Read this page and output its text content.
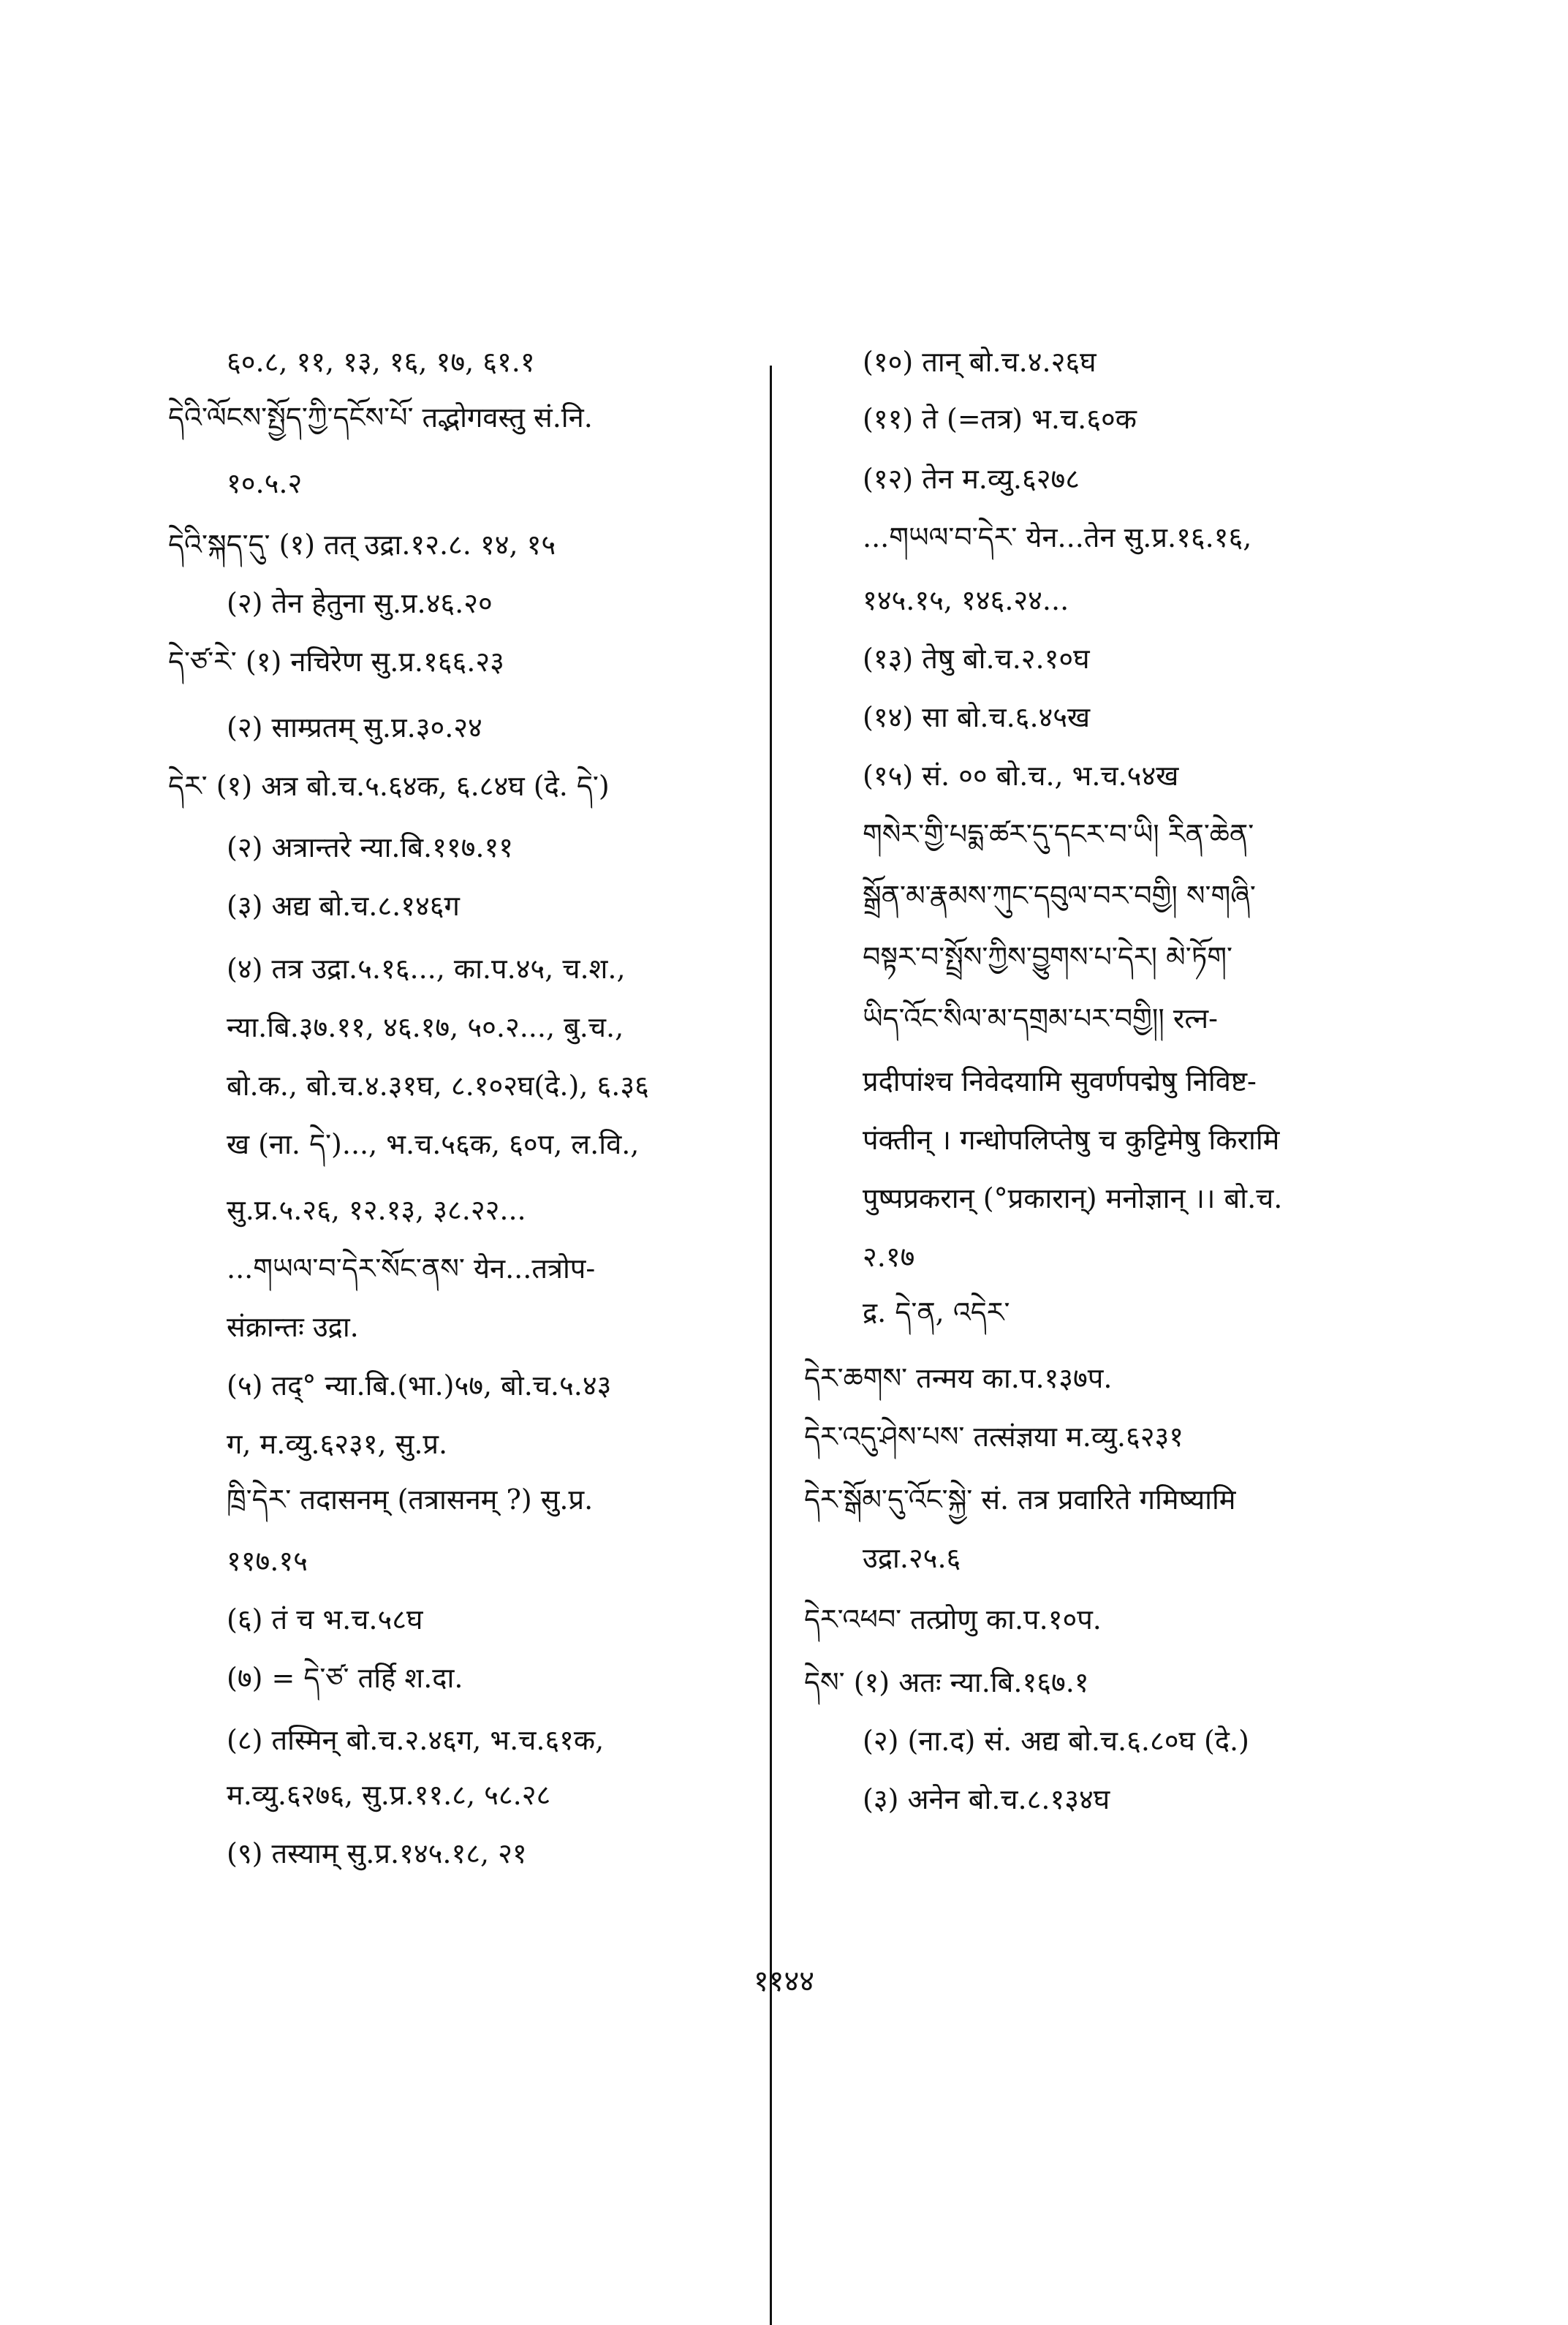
६०.८, ११, १३, १६, १७, ६१.१
དེའི་ལོངས་སྤྱོད་ཀྱི་དངོས་པོ་ तद्भोगवस्तु सं.नि.
१०.५.२
དེའི་སྐད་དུ་ (१) तत् उद्रा.१२.८. १४, १५
(२) तेन हेतुना सु.प्र.४६.२०
དེ་ཙ་རེ་ (१) नचिरेण सु.प्र.१६६.२३
(२) साम्प्रतम् सु.प्र.३०.२४
དེར་ (१) अत्र बो.च.५.६४क, ६.८४घ (दे. དེ་)
(२) अत्रान्तरे न्या.बि.११७.११
(३) अद्य बो.च.८.१४६ग
(४) तत्र उद्रा.५.१६..., का.प.४५, च.श.,
न्या.बि.३७.११, ४६.१७, ५०.२..., बु.च.,
बो.क., बो.च.४.३१घ, ८.१०२घ(दे.), ६.३६
ख (ना. དེ་)..., भ.च.५६क, ६०प, ल.वि.,
सु.प्र.५.२६, १२.१३, ३८.२२...
...གཡལ་བ་དེར་སོང་ནས་ येन...तत्रोप-
संक्रान्तः उद्रा.
(५) तद्° न्या.बि.(भा.)५७, बो.च.५.४३
ग, म.व्यु.६२३१, सु.प्र.
ཁྲི་དེར་ तदासनम् (तत्रासनम् ?) सु.प्र.
११७.१५
(६) तं च भ.च.५८घ
(७) = དེ་ཙ་ तर्हि श.दा.
(८) तस्मिन् बो.च.२.४६ग, भ.च.६१क,
म.व्यु.६२७६, सु.प्र.११.८, ५८.२८
(९) तस्याम् सु.प्र.१४५.१८, २१
(१०) तान् बो.च.४.२६घ
(११) ते (=तत्र) भ.च.६०क
(१२) तेन म.व्यु.६२७८
...གཡལ་བ་དེར་ येन...तेन सु.प्र.१६.१६,
१४५.१५, १४६.२४...
(१३) तेषु बो.च.२.१०घ
(१४) सा बो.च.६.४५ख
(१५) सं. ०० बो.च., भ.च.५४ख
གསེར་གྱི་པདྨ་ཚར་དུ་དངར་བ་ཡི། རིན་ཆེན་
སྒྲོན་མ་རྣམས་ཀུང་དབུལ་བར་བགྱི། ས་གཞི་
བསྟར་བ་སྤྲོས་ཀྱིས་བྱུགས་པ་དེར། མེ་ཏོག་
ཡིད་འོང་སིལ་མ་དགྲམ་པར་བགྱི།། रत्न-
प्रदीपांश्च निवेदयामि सुवर्णपद्मेषु निविष्ट-
पंक्तीन् । गन्धोपलिप्तेषु च कुट्टिमेषु किरामि
पुष्पप्रकरान् (°प्रकारान्) मनोज्ञान् ।। बो.च.
२.१७
द्र. དེ་ན, འདེར་
དེར་ཆགས་ तन्मय का.प.१३७प.
དེར་འདུ་ཤེས་པས་ तत्संज्ञया म.व्यु.६२३१
དེར་སྒོམ་དུ་འོང་སྐྱེ་ सं. तत्र प्रवारिते गमिष्यामि
उद्रा.२५.६
དེར་འཕབ་ तत्प्रोणु का.प.१०प.
དེས་ (१) अतः न्या.बि.१६७.१
(२) (ना.द) सं. अद्य बो.च.६.८०घ (दे.)
(३) अनेन बो.च.८.१३४घ
११४४
